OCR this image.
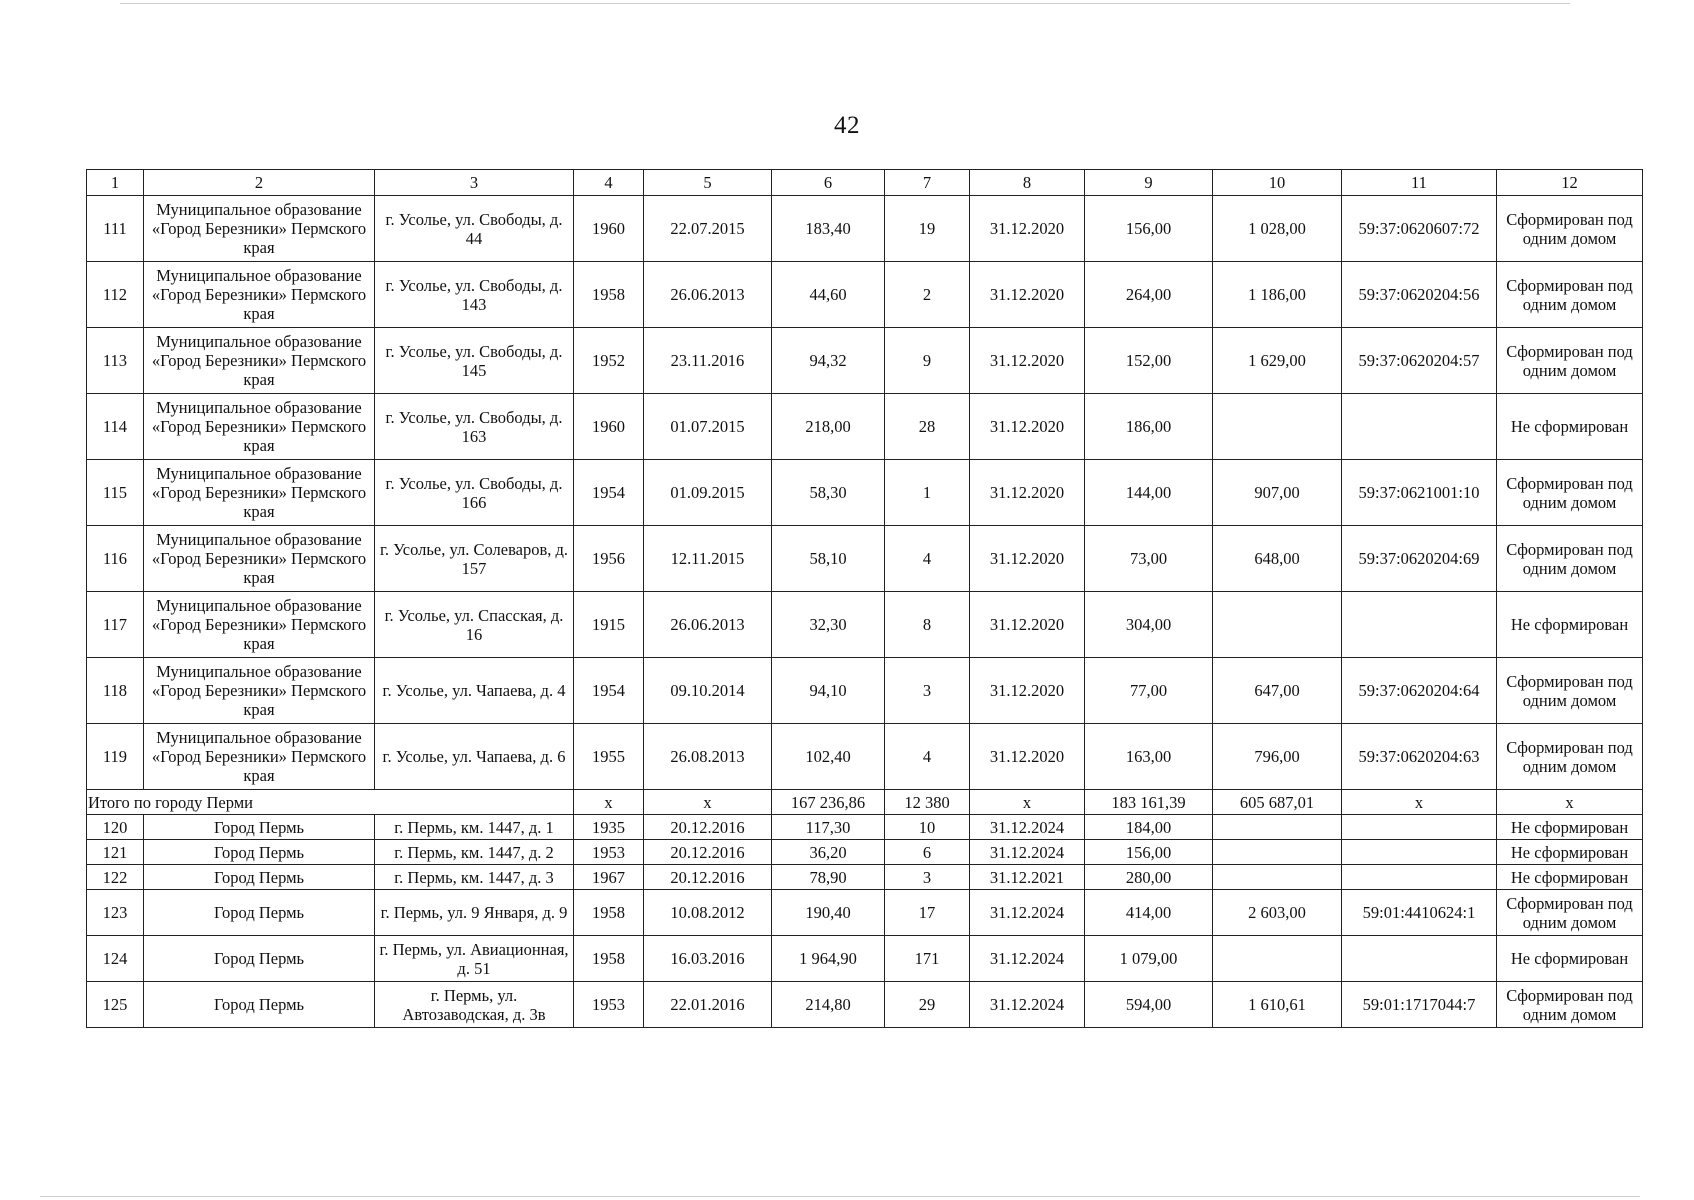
42
1	2	3	4	5	6	7	8	9	10	11	12
111	Муниципальное образование «Город Березники» Пермского края	г. Усолье, ул. Свободы, д. 44	1960	22.07.2015	183,40	19	31.12.2020	156,00	1 028,00	59:37:0620607:72	Сформирован под одним домом
112	Муниципальное образование «Город Березники» Пермского края	г. Усолье, ул. Свободы, д. 143	1958	26.06.2013	44,60	2	31.12.2020	264,00	1 186,00	59:37:0620204:56	Сформирован под одним домом
113	Муниципальное образование «Город Березники» Пермского края	г. Усолье, ул. Свободы, д. 145	1952	23.11.2016	94,32	9	31.12.2020	152,00	1 629,00	59:37:0620204:57	Сформирован под одним домом
114	Муниципальное образование «Город Березники» Пермского края	г. Усолье, ул. Свободы, д. 163	1960	01.07.2015	218,00	28	31.12.2020	186,00			Не сформирован
115	Муниципальное образование «Город Березники» Пермского края	г. Усолье, ул. Свободы, д. 166	1954	01.09.2015	58,30	1	31.12.2020	144,00	907,00	59:37:0621001:10	Сформирован под одним домом
116	Муниципальное образование «Город Березники» Пермского края	г. Усолье, ул. Солеваров, д. 157	1956	12.11.2015	58,10	4	31.12.2020	73,00	648,00	59:37:0620204:69	Сформирован под одним домом
117	Муниципальное образование «Город Березники» Пермского края	г. Усолье, ул. Спасская, д. 16	1915	26.06.2013	32,30	8	31.12.2020	304,00			Не сформирован
118	Муниципальное образование «Город Березники» Пермского края	г. Усолье, ул. Чапаева, д. 4	1954	09.10.2014	94,10	3	31.12.2020	77,00	647,00	59:37:0620204:64	Сформирован под одним домом
119	Муниципальное образование «Город Березники» Пермского края	г. Усолье, ул. Чапаева, д. 6	1955	26.08.2013	102,40	4	31.12.2020	163,00	796,00	59:37:0620204:63	Сформирован под одним домом
Итого по городу Перми			х	х	167 236,86	12 380	х	183 161,39	605 687,01	х	х
120	Город Пермь	г. Пермь, км. 1447, д. 1	1935	20.12.2016	117,30	10	31.12.2024	184,00			Не сформирован
121	Город Пермь	г. Пермь, км. 1447, д. 2	1953	20.12.2016	36,20	6	31.12.2024	156,00			Не сформирован
122	Город Пермь	г. Пермь, км. 1447, д. 3	1967	20.12.2016	78,90	3	31.12.2021	280,00			Не сформирован
123	Город Пермь	г. Пермь, ул. 9 Января, д. 9	1958	10.08.2012	190,40	17	31.12.2024	414,00	2 603,00	59:01:4410624:1	Сформирован под одним домом
124	Город Пермь	г. Пермь, ул. Авиационная, д. 51	1958	16.03.2016	1 964,90	171	31.12.2024	1 079,00			Не сформирован
125	Город Пермь	г. Пермь, ул. Автозаводская, д. 3в	1953	22.01.2016	214,80	29	31.12.2024	594,00	1 610,61	59:01:1717044:7	Сформирован под одним домом
